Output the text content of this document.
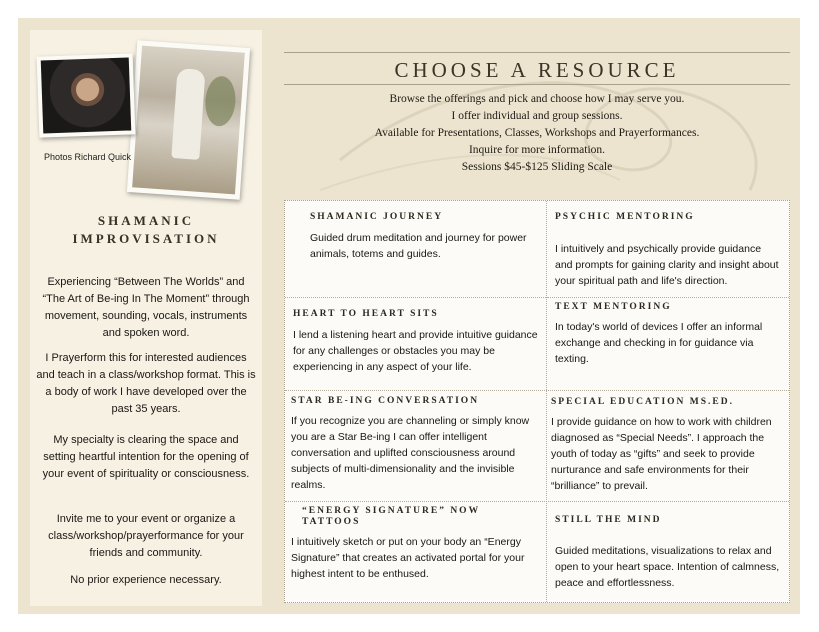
Photos Richard Quick
SHAMANIC
IMPROVISATION
Experiencing “Between The Worlds” and “The Art of Be-ing In The Moment” through movement, sounding, vocals, instruments and spoken word.
I Prayerform this for interested audiences and teach in a class/workshop format. This is a body of work I have developed over the past 35 years.
My specialty is clearing the space and setting heartful intention for the opening of your event of spirituality or consciousness.
Invite me to your event or organize a class/workshop/prayerformance for your friends and community.
No prior experience necessary.
CHOOSE A RESOURCE
Browse the offerings and pick and choose how I may serve you.
I offer individual and group sessions.
Available for Presentations, Classes, Workshops and Prayerformances.
Inquire for more information.
Sessions $45-$125 Sliding Scale
SHAMANIC JOURNEY
Guided drum meditation and journey for power animals, totems and guides.
PSYCHIC MENTORING
I intuitively and psychically provide guidance and prompts for gaining clarity and insight about your spiritual path and life's direction.
HEART TO HEART SITS
I lend a listening heart and provide intuitive guidance for any challenges or obstacles you may be experiencing in any aspect of your life.
TEXT MENTORING
In today's world of devices I offer an informal exchange and checking in for guidance via texting.
STAR BE-ING CONVERSATION
If you recognize you are channeling or simply know you are a Star Be-ing I can offer intelligent conversation and uplifted consciousness around subjects of multi-dimensionality and the invisible realms.
SPECIAL EDUCATION MS.ED.
I provide guidance on how to work with children diagnosed as “Special Needs”. I approach the youth of today as “gifts” and seek to provide nurturance and safe environments for their “brilliance” to prevail.
“ENERGY SIGNATURE” NOW TATTOOS
I intuitively sketch or put on your body an “Energy Signature” that creates an activated portal for your highest intent to be enthused.
STILL THE MIND
Guided meditations, visualizations to relax and open to your heart space. Intention of calmness, peace and effortlessness.
